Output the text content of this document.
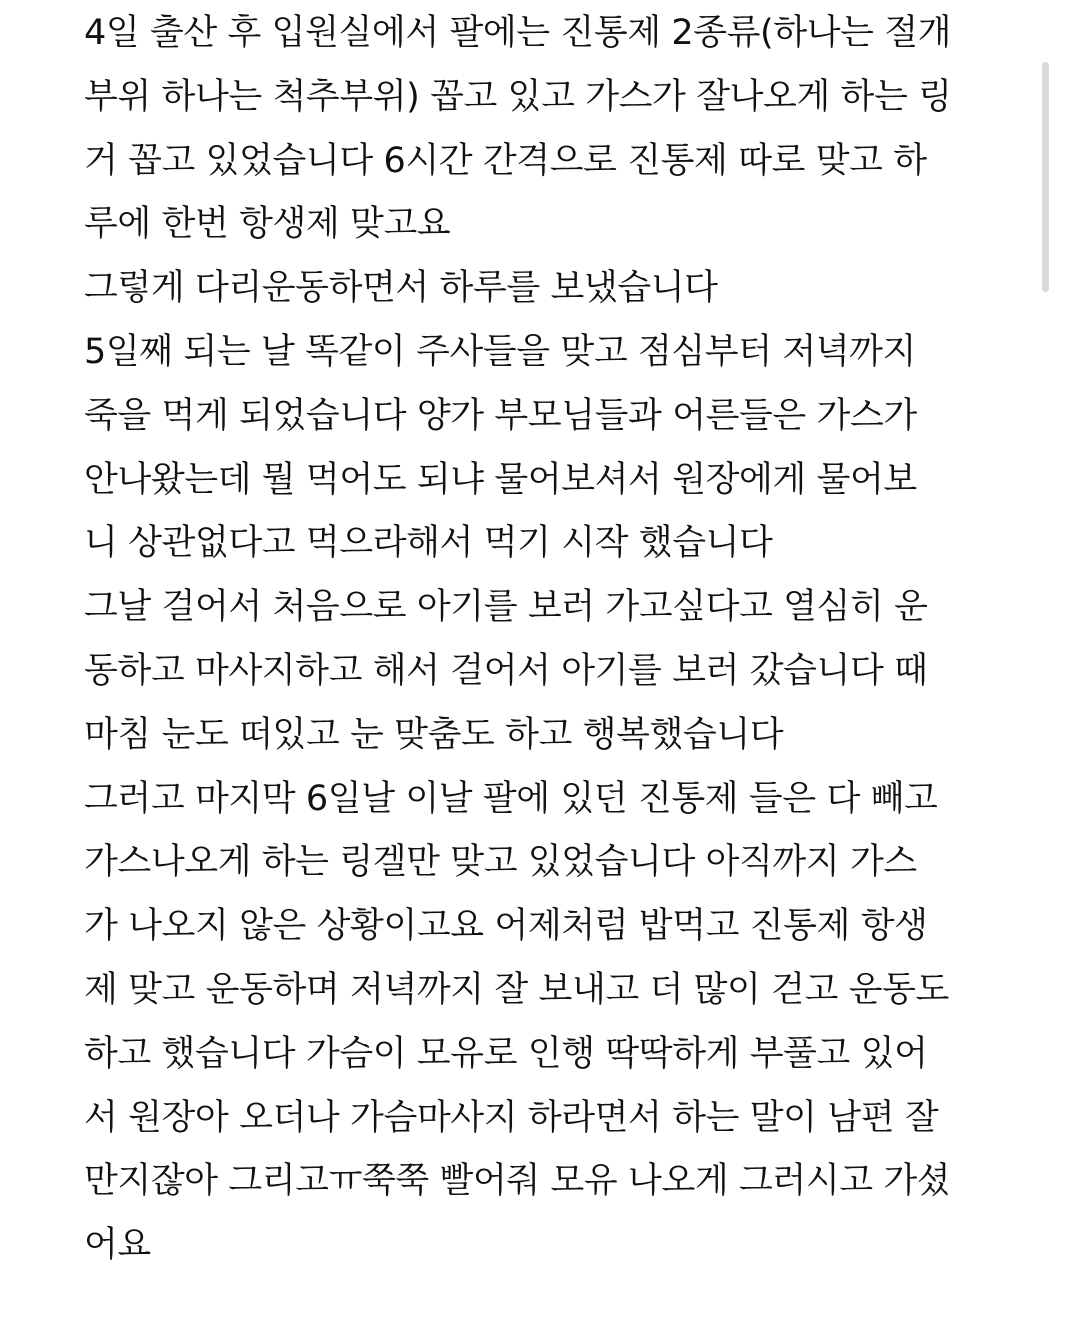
4일 출산 후 입원실에서 팔에는 진통제 2종류(하나는 절개
부위 하나는 척추부위) 꼽고 있고 가스가 잘나오게 하는 링
거 꼽고 있었습니다 6시간 간격으로 진통제 따로 맞고 하
루에 한번 항생제 맞고요
그렇게 다리운동하면서 하루를 보냈습니다
5일째 되는 날 똑같이 주사들을 맞고 점심부터 저녁까지
죽을 먹게 되었습니다 양가 부모님들과 어른들은 가스가
안나왔는데 뭘 먹어도 되냐 물어보셔서 원장에게 물어보
니 상관없다고 먹으라해서 먹기 시작 했습니다
그날 걸어서 처음으로 아기를 보러 가고싶다고 열심히 운
동하고 마사지하고 해서 걸어서 아기를 보러 갔습니다 때
마침 눈도 떠있고 눈 맞춤도 하고 행복했습니다
그러고 마지막 6일날 이날 팔에 있던 진통제 들은 다 빼고
가스나오게 하는 링겔만 맞고 있었습니다 아직까지 가스
가 나오지 않은 상황이고요 어제처럼 밥먹고 진통제 항생
제 맞고 운동하며 저녁까지 잘 보내고 더 많이 걷고 운동도
하고 했습니다 가슴이 모유로 인행 딱딱하게 부풀고 있어
서 원장아 오더나 가슴마사지 하라면서 하는 말이 남편 잘
만지잖아 그리고ㅠ쭉쭉 빨어줘 모유 나오게 그러시고 가셨
어요
